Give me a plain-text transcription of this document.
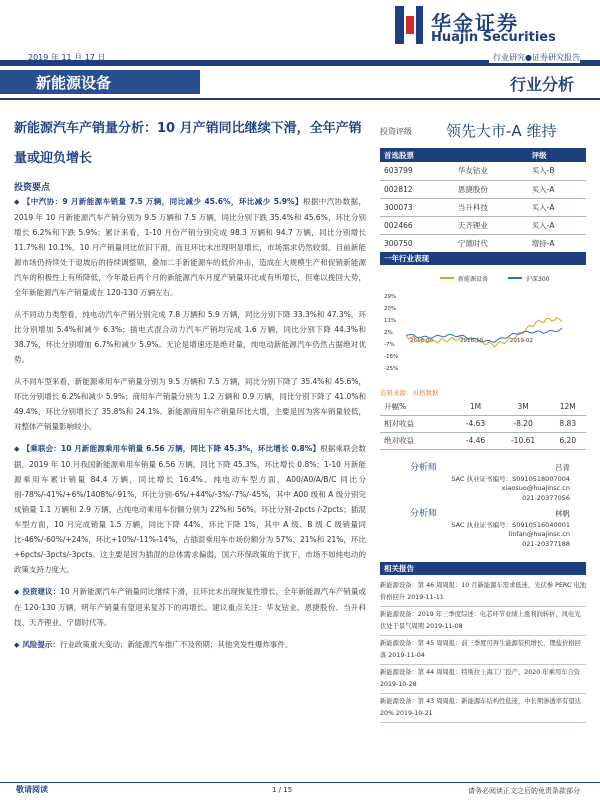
华金证券
Huajin Securities
2019 年 11 月 17 日	行业研究●证券研究报告
新能源设备	行业分析
新能源汽车产销量分析：10 月产销同比继续下滑，全年产销量或迎负增长
投资要点

◆ 【中汽协：9 月新能源车销量 7.5 万辆，同比减少 45.6%，环比减少 5.9%】根据中汽协数据，2019 年 10 月新能源汽车产销分别为 9.5 万辆和 7.5 万辆，同比分别下跌 35.4%和 45.6%，环比分别增长 6.2%和下跌 5.9%；累计来看，1-10 月份产销分别完成 98.3 万辆和 94.7 万辆，同比分别增长 11.7%和 10.1%。10 月产销量同比依旧下滑，而且环比未出现明显增长，市场需求仍然较弱。目前新能源市场仍持续处于退坡后的持续调整期，叠加二手新能源车的低价冲击，造成在大规模生产和促销新能源汽车的积极性上有所降低，今年最后两个月的新能源汽车月度产销量环比或有所增长，但难以挽回大势，全年新能源汽车产销量或在 120-130 万辆左右。

从不同动力类型看，纯电动汽车产销分别完成 7.8 万辆和 5.9 万辆，同比分别下降 33.3%和 47.3%，环比分别增加 5.4%和减少 6.3%；插电式混合动力汽车产销均完成 1.6 万辆，同比分别下降 44.3%和 38.7%，环比分别增加 6.7%和减少 5.9%。无论是增速还是绝对量，纯电动新能源汽车仍然占据绝对优势。

从不同车型来看，新能源乘用车产销量分别为 9.5 万辆和 7.5 万辆，同比分别下降了 35.4%和 45.6%，环比分别增长 6.2%和减少 5.9%；商用车产销量分别为 1.2 万辆和 0.9 万辆，同比分别下降了 41.0%和 49.4%，环比分别增长了 35.8%和 24.1%。新能源商用车产销量环比大增，主要是因为客车销量较低，对整体产销量影响较小。

◆ 【乘联会：10 月新能源乘用车销量 6.56 万辆，同比下降 45.3%，环比增长 0.8%】根据乘联会数据，2019 年 10 月我国新能源乘用车销量 6.56 万辆，同比下降 45.3%，环比增长 0.8%；1-10 月新能源乘用车累计销量 84.4 万辆，同比增长 16.4%。纯电动车型方面，A00/A0/A/B/C 同比分别-78%/-41%/+6%/1408%/-91%，环比分别-6%/+44%/-3%/-7%/-45%，其中 A00 级和 A 级分别完成销量 1.1 万辆和 2.9 万辆，占纯电动乘用车份额分别为 22%和 56%。环比分别-2pcts /-2pcts；插混车型方面，10 月完成销量 1.5 万辆，同比下降 44%，环比下降 1%，其中 A 级、B 级 C 级销量同比-46%/-60%/+24%，环比+10%/-11%-14%，占插混乘用车市场份额分为 57%、21%和 21%，环比+6pcts/-3pcts/-3pcts。这主要是因为插混的总体需求偏弱，国六环保政策的干扰下，市场不如纯电动的政策支持力度大。

◆ 投资建议：10 月新能源汽车产销量同比继续下滑，且环比未出现恢复性增长，全年新能源汽车产销量或在 120-130 万辆，明年产销量有望迎来复苏下的再增长。建议重点关注：华友钴业、恩捷股份、当升科技、天齐锂业、宁德时代等。

◆ 风险提示：行业政策重大变动；新能源汽车推广不及预期；其他突发性爆炸事件。

投资评级 领先大市-A 维持
首选股票		评级
603799	华友钴业	买入-B
002812	恩捷股份	买入-A
300073	当升科技	买入-A
002466	天齐锂业	买入-A
300750	宁德时代	增持-A
一年行业表现
新能源设备	沪深300
29%
20%
11%
2%
-7%
-16%
-25%
2018-06	2018-10	2019-02
资料来源：贝格数据
升幅%	1M	3M	12M
相对收益	-4.63	-8.20	8.83
绝对收益	-4.46	-10.61	6.20
分析师	吕青
SAC 执业证书编号：S0910518007004
xiaosuo@huajinsc.cn
021-20377056
分析师	林帆
SAC 执业证书编号：S0910516040001
linfan@huajinsc.cn
021-20377188
相关报告
新能源设备：第 46 周周报：10 月新能源车需求低迷，光伏参 PERC 电池价格回升 2019-11-11
新能源设备：2019 年三季度综述：电芯环节业绩上涨利润转折，风电光伏处于景气周期 2019-11-08
新能源设备：第 45 周周报：前三季度可再生能源装机增长，锂盐价格回落 2019-11-04
新能源设备：第 44 周周报：特斯拉上海工厂投产，2020 年乘用车合资 2019-10-28
新能源设备：第 43 周周报：新能源车结构性低迷，中长期渗透率有望达 20% 2019-10-21
敬请阅读	1 / 15	请务必阅读正文之后的免责条款部分
